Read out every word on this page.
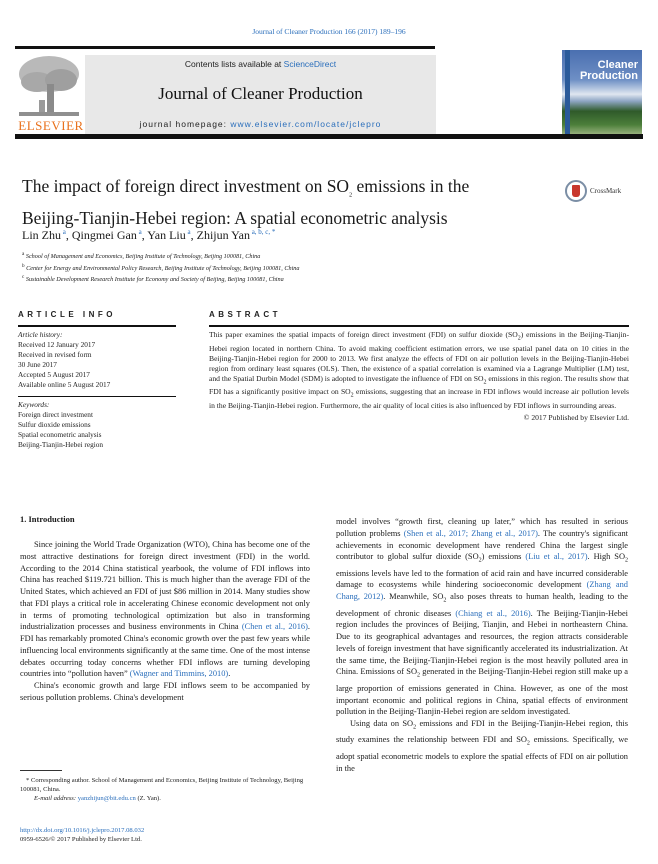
Journal of Cleaner Production 166 (2017) 189–196
ELSEVIER
Contents lists available at ScienceDirect
Journal of Cleaner Production
journal homepage: www.elsevier.com/locate/jclepro
Cleaner
Production
The impact of foreign direct investment on $SO_2$ emissions in the Beijing-Tianjin-Hebei region: A spatial econometric analysis
CrossMark
Lin Zhu $^a$, Qingmei Gan $^a$, Yan Liu $^a$, Zhijun Yan $^{a, b, c, *}$
$^a$ School of Management and Economics, Beijing Institute of Technology, Beijing 100081, China
$^b$ Center for Energy and Environmental Policy Research, Beijing Institute of Technology, Beijing 100081, China
$^c$ Sustainable Development Research Institute for Economy and Society of Beijing, Beijing 100081, China
ARTICLE INFO
Article history:
Received 12 January 2017
Received in revised form
30 June 2017
Accepted 5 August 2017
Available online 5 August 2017
Keywords:
Foreign direct investment
Sulfur dioxide emissions
Spatial econometric analysis
Beijing-Tianjin-Hebei region
ABSTRACT
This paper examines the spatial impacts of foreign direct investment (FDI) on sulfur dioxide $(SO_2)$ emissions in the Beijing-Tianjin-Hebei region located in northern China. To avoid making coefficient estimation errors, we use spatial panel data on 10 cities in the Beijing-Tianjin-Hebei region for 2000 to 2013. We first analyze the effects of FDI on air pollution levels in the Beijing-Tianjin-Hebei region from ordinary least squares (OLS). Then, the existence of a spatial correlation is examined via a Lagrange Multiplier (LM) test, and the Spatial Durbin Model (SDM) is adopted to investigate the influence of FDI on $SO_2$ emissions in this region. The results show that FDI has a significantly positive impact on $SO_2$ emissions, suggesting that an increase in FDI inflows would increase air pollution levels in the Beijing-Tianjin-Hebei region. Furthermore, the air quality of local cities is also influenced by FDI inflows in surrounding areas.
© 2017 Published by Elsevier Ltd.
1. Introduction
Since joining the World Trade Organization (WTO), China has become one of the most attractive destinations for foreign direct investment (FDI) in the world. According to the 2014 China statistical yearbook, the volume of FDI inflows into China has reached $119.721 billion. This is much higher than the average FDI of the United States, which achieved an FDI of just $86 million in 2014. Many studies show that FDI plays a critical role in accelerating Chinese economic development not only in terms of promoting technological optimization but also in transforming industrialization processes and business environments in China (Chen et al., 2016). FDI has remarkably promoted China's economic growth over the past few years while influencing local environments significantly at the same time. One of the most intense debates occurring today concerns whether FDI inflows are turning developing countries into “pollution haven” (Wagner and Timmins, 2010).
China's economic growth and large FDI inflows seem to be accompanied by serious pollution problems. China's development
model involves “growth first, cleaning up later,” which has resulted in serious pollution problems (Shen et al., 2017; Zhang et al., 2017). The country's significant achievements in economic development have rendered China the largest single contributor to global sulfur dioxide $(SO_2)$ emissions (Liu et al., 2017). High $SO_2$ emissions levels have led to the formation of acid rain and have incurred considerable damage to ecosystems while hindering socioeconomic development (Zhang and Chang, 2012). Meanwhile, $SO_2$ also poses threats to human health, leading to the development of chronic diseases (Chiang et al., 2016). The Beijing-Tianjin-Hebei region includes the provinces of Beijing, Tianjin, and Hebei in northeastern China. Due to its geographical advantages and resources, the region attracts considerable levels of foreign investment that have significantly accelerated its industrialization. At the same time, the Beijing-Tianjin-Hebei region is the most heavily polluted area in China. Emissions of $SO_2$ generated in the Beijing-Tianjin-Hebei region still make up a large proportion of emissions generated in China. However, as one of the most important economic and political regions in China, spatial effects of environment pollution in the Beijing-Tianjin-Hebei region are seldom investigated.
Using data on $SO_2$ emissions and FDI in the Beijing-Tianjin-Hebei region, this study examines the relationship between FDI and $SO_2$ emissions. Specifically, we adopt spatial econometric models to explore the spatial effects of FDI on air pollution in the
* Corresponding author. School of Management and Economics, Beijing Institute of Technology, Beijing 100081, China.
E-mail address: yanzhijun@bit.edu.cn (Z. Yan).
http://dx.doi.org/10.1016/j.jclepro.2017.08.032
0959-6526/© 2017 Published by Elsevier Ltd.
